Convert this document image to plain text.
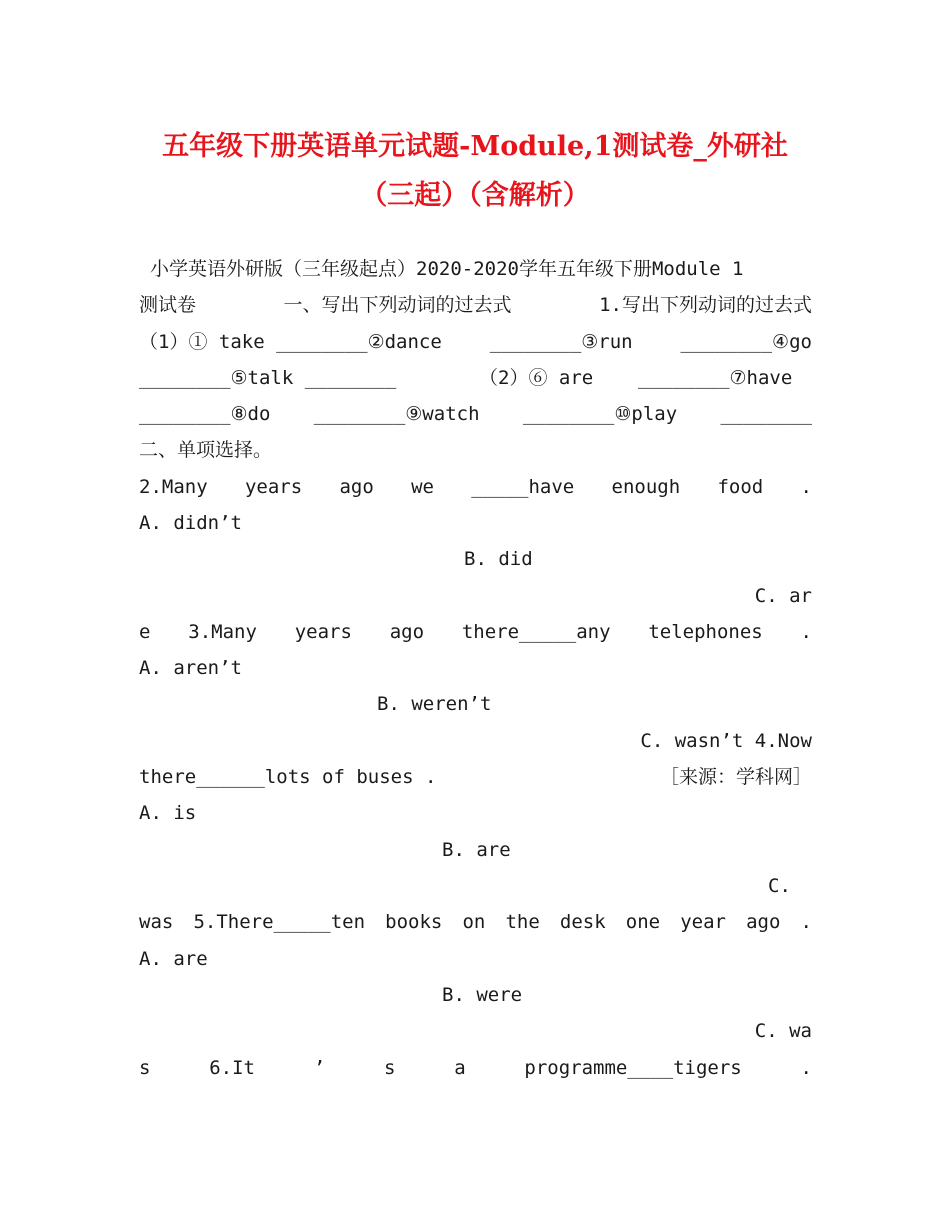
五年级下册英语单元试题-Module,1测试卷_外研社
（三起）（含解析）
小学英语外研版（三年级起点）2020-2020学年五年级下册Module 1
测试卷	一、写出下列动词的过去式	1.写出下列动词的过去式
（1）① take ________②dance	________③run	________④go
________⑤talk ________	（2）⑥ are ________⑦have
________⑧do ________⑨watch ________⑩play ________
二、单项选择。
2.Many years ago we _____have enough food .
A. didn’t
B. did
C. ar
e 3.Many years ago there_____any telephones .
A. aren’t
B. weren’t
C. wasn’t 4.Now
there______lots of buses .	［来源：学科网］
A. is
B. are
C.
was 5.There_____ten books on the desk one year ago .
A. are
B. were
C. wa
s	6.It	’	s	a	programme____tigers	.
